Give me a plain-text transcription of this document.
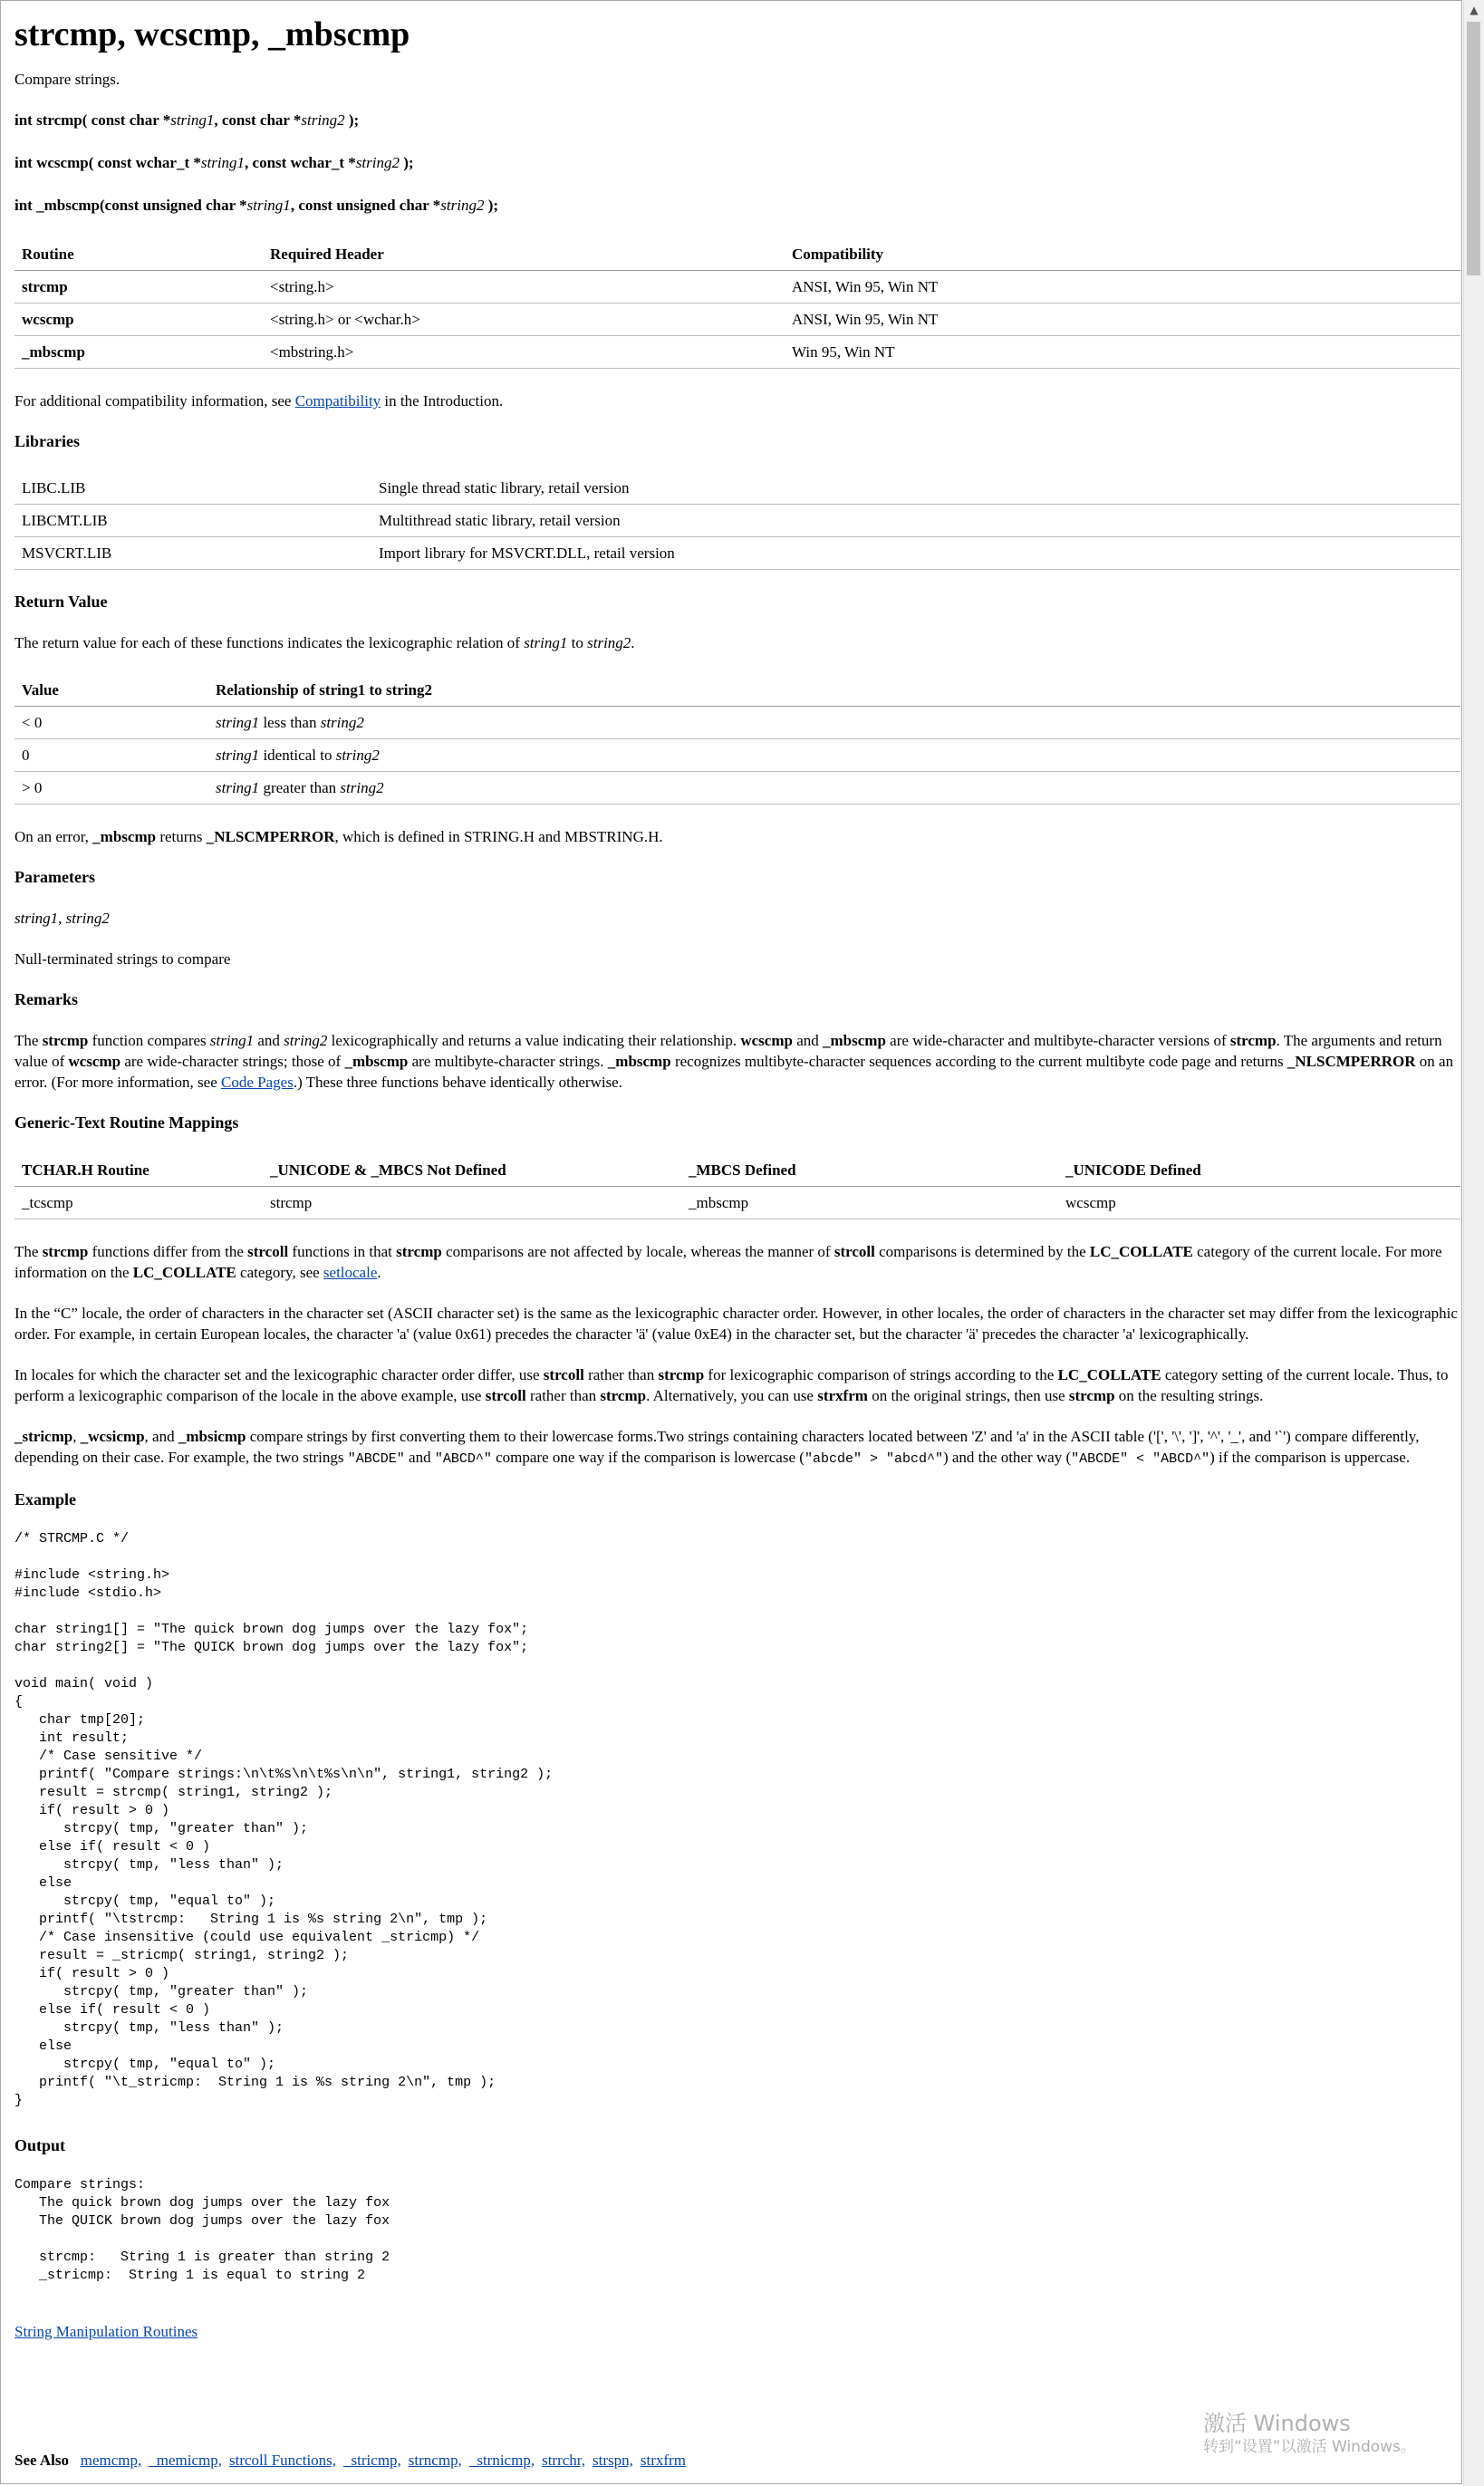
strcmp, wcscmp, _mbscmp

Compare strings.

int strcmp( const char *string1, const char *string2 );
int wcscmp( const wchar_t *string1, const wchar_t *string2 );
int _mbscmp(const unsigned char *string1, const unsigned char *string2 );
Routine	Required Header	Compatibility
strcmp	<string.h>	ANSI, Win 95, Win NT
wcscmp	<string.h> or <wchar.h>	ANSI, Win 95, Win NT
_mbscmp	<mbstring.h>	Win 95, Win NT

For additional compatibility information, see Compatibility in the Introduction.

Libraries
LIBC.LIB	Single thread static library, retail version
LIBCMT.LIB	Multithread static library, retail version
MSVCRT.LIB	Import library for MSVCRT.DLL, retail version
Return Value

The return value for each of these functions indicates the lexicographic relation of string1 to string2.

Value	Relationship of string1 to string2
< 0	string1 less than string2
0	string1 identical to string2
> 0	string1 greater than string2

On an error, _mbscmp returns _NLSCMPERROR, which is defined in STRING.H and MBSTRING.H.

Parameters

string1, string2

Null-terminated strings to compare

Remarks

The strcmp function compares string1 and string2 lexicographically and returns a value indicating their relationship. wcscmp and _mbscmp are wide-character and multibyte-character versions of strcmp. The arguments and return value of wcscmp are wide-character strings; those of _mbscmp are multibyte-character strings. _mbscmp recognizes multibyte-character sequences according to the current multibyte code page and returns _NLSCMPERROR on an error. (For more information, see Code Pages.) These three functions behave identically otherwise.

Generic-Text Routine Mappings
TCHAR.H Routine	_UNICODE & _MBCS Not Defined	_MBCS Defined	_UNICODE Defined
_tcscmp	strcmp	_mbscmp	wcscmp

The strcmp functions differ from the strcoll functions in that strcmp comparisons are not affected by locale, whereas the manner of strcoll comparisons is determined by the LC_COLLATE category of the current locale. For more information on the LC_COLLATE category, see setlocale.

In the “C” locale, the order of characters in the character set (ASCII character set) is the same as the lexicographic character order. However, in other locales, the order of characters in the character set may differ from the lexicographic order. For example, in certain European locales, the character 'a' (value 0x61) precedes the character 'ä' (value 0xE4) in the character set, but the character 'ä' precedes the character 'a' lexicographically.

In locales for which the character set and the lexicographic character order differ, use strcoll rather than strcmp for lexicographic comparison of strings according to the LC_COLLATE category setting of the current locale. Thus, to perform a lexicographic comparison of the locale in the above example, use strcoll rather than strcmp. Alternatively, you can use strxfrm on the original strings, then use strcmp on the resulting strings.

_stricmp, _wcsicmp, and _mbsicmp compare strings by first converting them to their lowercase forms.Two strings containing characters located between 'Z' and 'a' in the ASCII table ('[', '\', ']', '^', '_', and '`') compare differently, depending on their case. For example, the two strings "ABCDE" and "ABCD^" compare one way if the comparison is lowercase ("abcde" > "abcd^") and the other way ("ABCDE" < "ABCD^") if the comparison is uppercase.

Example
/* STRCMP.C */

#include <string.h>
#include <stdio.h>

char string1[] = "The quick brown dog jumps over the lazy fox";
char string2[] = "The QUICK brown dog jumps over the lazy fox";

void main( void )
{
char tmp[20];
int result;
/* Case sensitive */
printf( "Compare strings:\n\t%s\n\t%s\n\n", string1, string2 );
result = strcmp( string1, string2 );
if( result > 0 )
strcpy( tmp, "greater than" );
else if( result < 0 )
strcpy( tmp, "less than" );
else
strcpy( tmp, "equal to" );
printf( "\tstrcmp:   String 1 is %s string 2\n", tmp );
/* Case insensitive (could use equivalent _stricmp) */
result = _stricmp( string1, string2 );
if( result > 0 )
strcpy( tmp, "greater than" );
else if( result < 0 )
strcpy( tmp, "less than" );
else
strcpy( tmp, "equal to" );
printf( "\t_stricmp:  String 1 is %s string 2\n", tmp );
}
Output
Compare strings:
The quick brown dog jumps over the lazy fox
The QUICK brown dog jumps over the lazy fox

strcmp:   String 1 is greater than string 2
_stricmp:  String 1 is equal to string 2

String Manipulation Routines

See Also memcmp, _memicmp, strcoll Functions, _stricmp, strncmp, _strnicmp, strrchr, strspn, strxfrm
激活 Windows
转到“设置”以激活 Windows。
▲
